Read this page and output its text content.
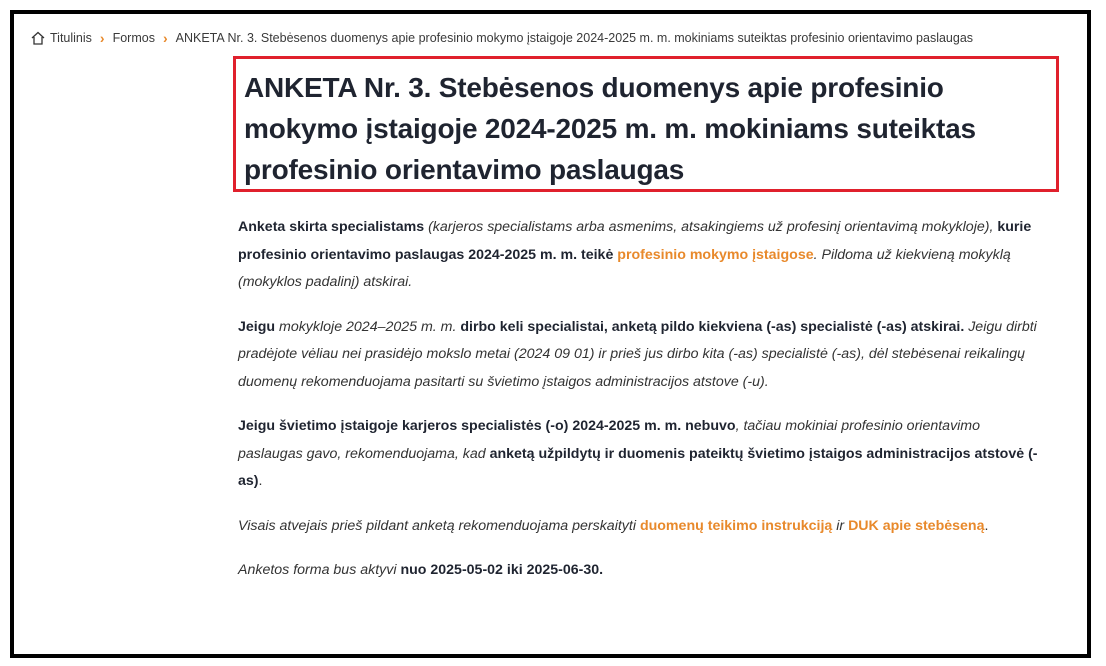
Titulinis › Formos › ANKETA Nr. 3. Stebėsenos duomenys apie profesinio mokymo įstaigoje 2024-2025 m. m. mokiniams suteiktas profesinio orientavimo paslaugas
ANKETA Nr. 3. Stebėsenos duomenys apie profesinio mokymo įstaigoje 2024-2025 m. m. mokiniams suteiktas profesinio orientavimo paslaugas

Anketa skirta specialistams (karjeros specialistams arba asmenims, atsakingiems už profesinį orientavimą mokykloje), kurie profesinio orientavimo paslaugas 2024-2025 m. m. teikė profesinio mokymo įstaigose. Pildoma už kiekvieną mokyklą (mokyklos padalinį) atskirai.

Jeigu mokykloje 2024–2025 m. m. dirbo keli specialistai, anketą pildo kiekviena (-as) specialistė (-as) atskirai. Jeigu dirbti pradėjote vėliau nei prasidėjo mokslo metai (2024 09 01) ir prieš jus dirbo kita (-as) specialistė (-as), dėl stebėsenai reikalingų duomenų rekomenduojama pasitarti su švietimo įstaigos administracijos atstove (-u).

Jeigu švietimo įstaigoje karjeros specialistės (-o) 2024-2025 m. m. nebuvo, tačiau mokiniai profesinio orientavimo paslaugas gavo, rekomenduojama, kad anketą užpildytų ir duomenis pateiktų švietimo įstaigos administracijos atstovė (-as).

Visais atvejais prieš pildant anketą rekomenduojama perskaityti duomenų teikimo instrukciją ir DUK apie stebėseną.

Anketos forma bus aktyvi nuo 2025-05-02 iki 2025-06-30.
